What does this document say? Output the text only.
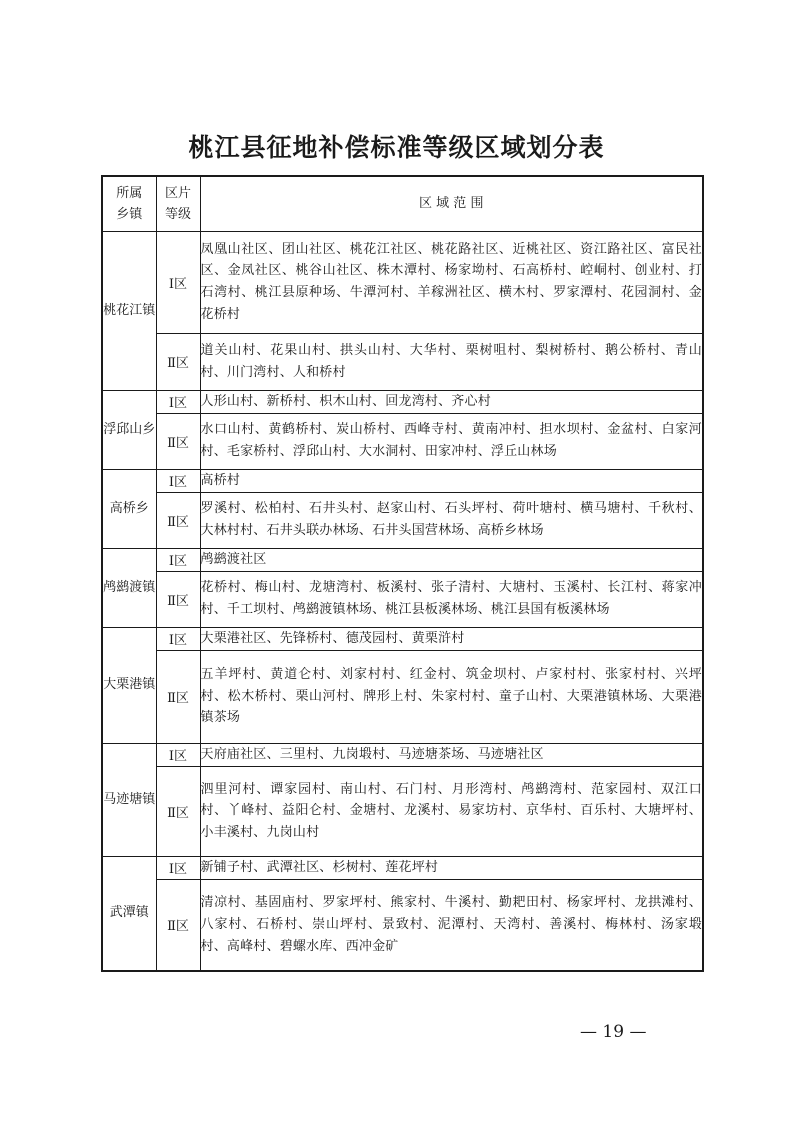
桃江县征地补偿标准等级区域划分表
所属乡镇	区片等级	区 域 范 围
桃花江镇	Ⅰ区	凤凰山社区、团山社区、桃花江社区、桃花路社区、近桃社区、资江路社区、富民社区、金凤社区、桃谷山社区、株木潭村、杨家坳村、石高桥村、崆峒村、创业村、打石湾村、桃江县原种场、牛潭河村、羊稼洲社区、横木村、罗家潭村、花园洞村、金花桥村
	Ⅱ区	道关山村、花果山村、拱头山村、大华村、栗树咀村、梨树桥村、鹅公桥村、青山村、川门湾村、人和桥村
浮邱山乡	Ⅰ区	人形山村、新桥村、枳木山村、回龙湾村、齐心村
	Ⅱ区	水口山村、黄鹤桥村、炭山桥村、西峰寺村、黄南冲村、担水坝村、金盆村、白家河村、毛家桥村、浮邱山村、大水洞村、田家冲村、浮丘山林场
高桥乡	Ⅰ区	高桥村
	Ⅱ区	罗溪村、松柏村、石井头村、赵家山村、石头坪村、荷叶塘村、横马塘村、千秋村、大林村村、石井头联办林场、石井头国营林场、高桥乡林场
鸬鹚渡镇	Ⅰ区	鸬鹚渡社区
	Ⅱ区	花桥村、梅山村、龙塘湾村、板溪村、张子清村、大塘村、玉溪村、长江村、蒋家冲村、千工坝村、鸬鹚渡镇林场、桃江县板溪林场、桃江县国有板溪林场
大栗港镇	Ⅰ区	大栗港社区、先锋桥村、德茂园村、黄栗浒村
	Ⅱ区	五羊坪村、黄道仑村、刘家村村、红金村、筑金坝村、卢家村村、张家村村、兴坪村、松木桥村、栗山河村、牌形上村、朱家村村、童子山村、大栗港镇林场、大栗港镇茶场
马迹塘镇	Ⅰ区	天府庙社区、三里村、九岗塅村、马迹塘茶场、马迹塘社区
	Ⅱ区	泗里河村、谭家园村、南山村、石门村、月形湾村、鸬鹚湾村、范家园村、双江口村、丫峰村、益阳仑村、金塘村、龙溪村、易家坊村、京华村、百乐村、大塘坪村、小丰溪村、九岗山村
武潭镇	Ⅰ区	新铺子村、武潭社区、杉树村、莲花坪村
	Ⅱ区	清凉村、基固庙村、罗家坪村、熊家村、牛溪村、勤耙田村、杨家坪村、龙拱滩村、八家村、石桥村、崇山坪村、景致村、泥潭村、天湾村、善溪村、梅林村、汤家塅村、高峰村、碧螺水库、西冲金矿
— 19 —
